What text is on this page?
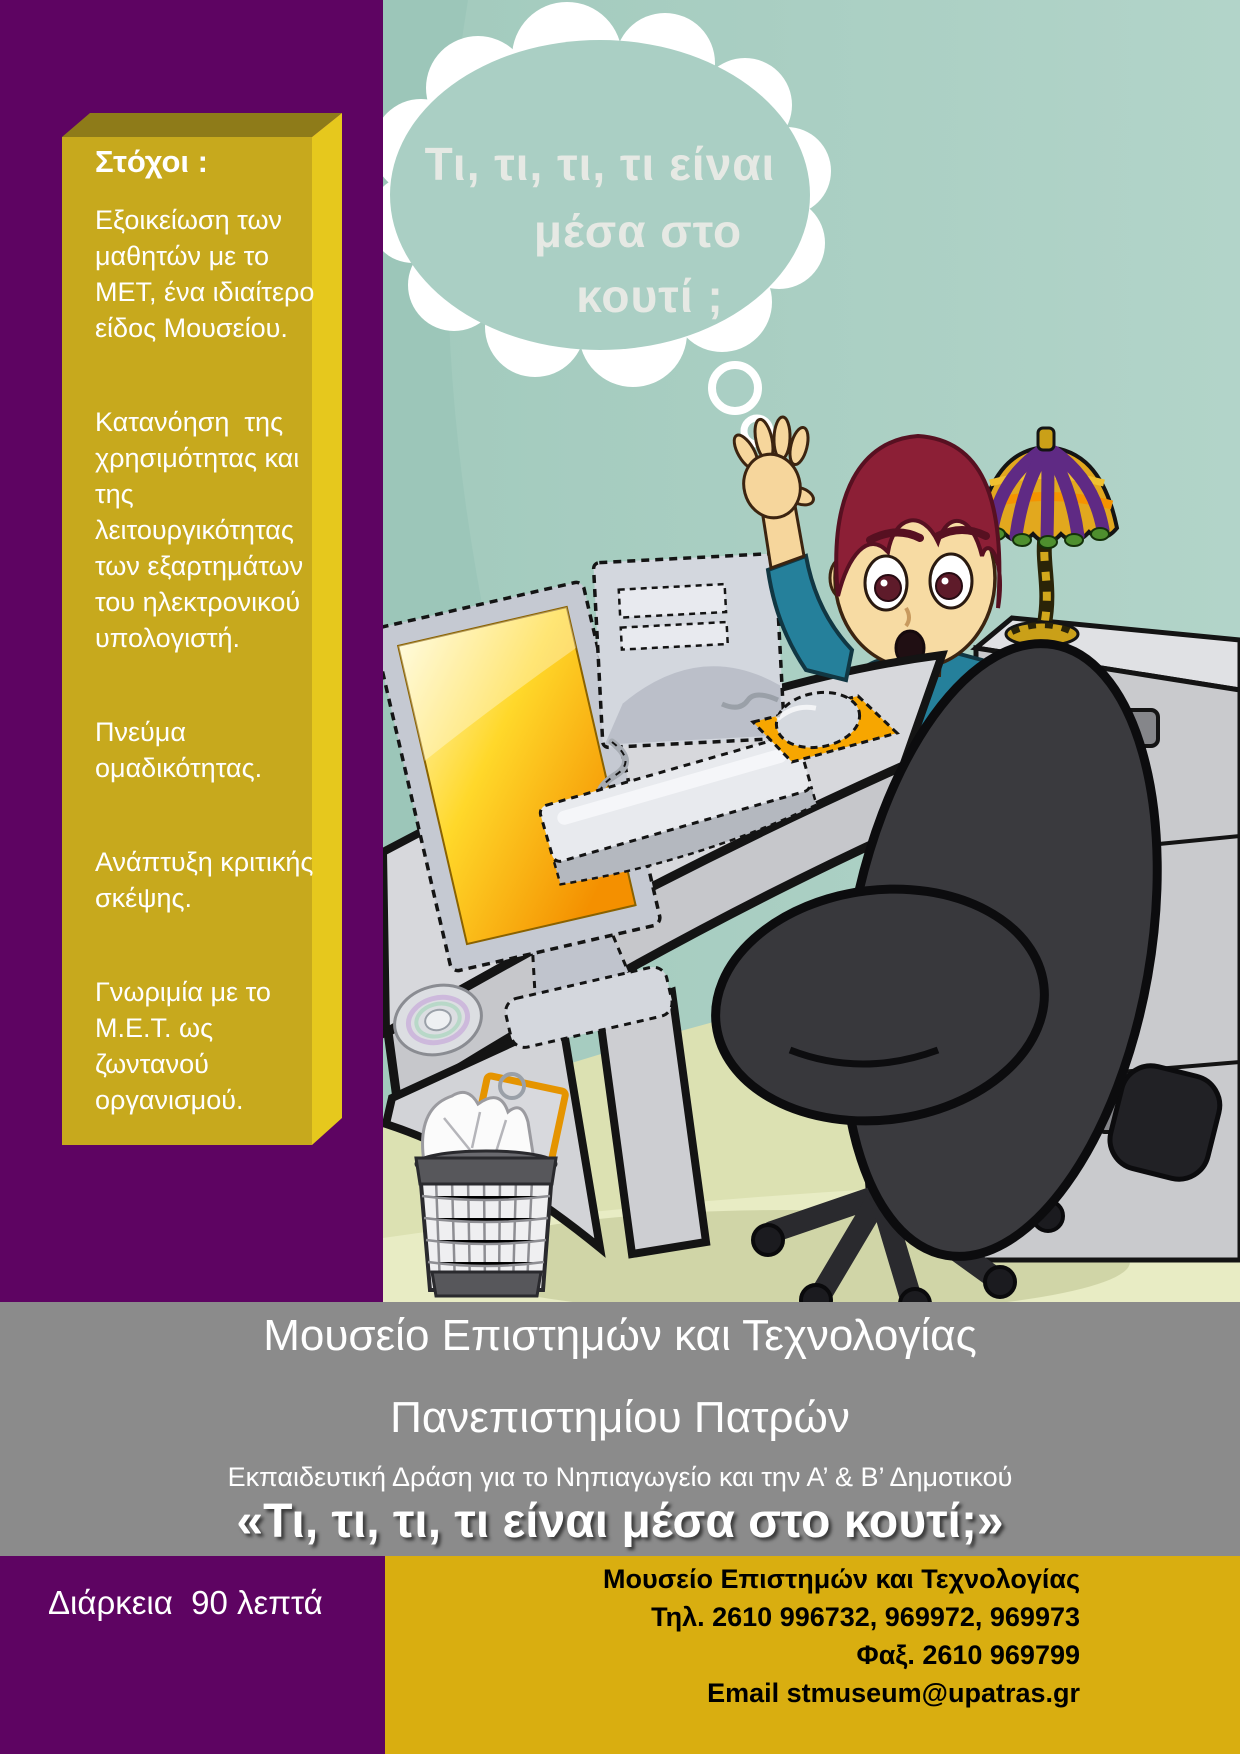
Στόχοι :
Εξοικείωση των μαθητών με το ΜΕΤ, ένα ιδιαίτερο είδος Μουσείου.
Κατανόηση  της χρησιμότητας και της λειτουργικότητας των εξαρτημάτων του ηλεκτρονικού υπολογιστή.
Πνεύμα ομαδικότητας.
Ανάπτυξη κριτικής σκέψης.
Γνωριμία με το Μ.Ε.Τ. ως ζωντανού οργανισμού.
Τι, τι, τι, τι είναι
μέσα στο
κουτί ;
Μουσείο Επιστημών και Τεχνολογίας
Πανεπιστημίου Πατρών
Εκπαιδευτική Δράση για το Νηπιαγωγείο και την Α’ & Β’ Δημοτικού
«Τι, τι, τι, τι είναι μέσα στο κουτί;»
Διάρκεια  90 λεπτά
Μουσείο Επιστημών και Τεχνολογίας
Τηλ. 2610 996732, 969972, 969973
Φαξ. 2610 969799
Email stmuseum@upatras.gr
